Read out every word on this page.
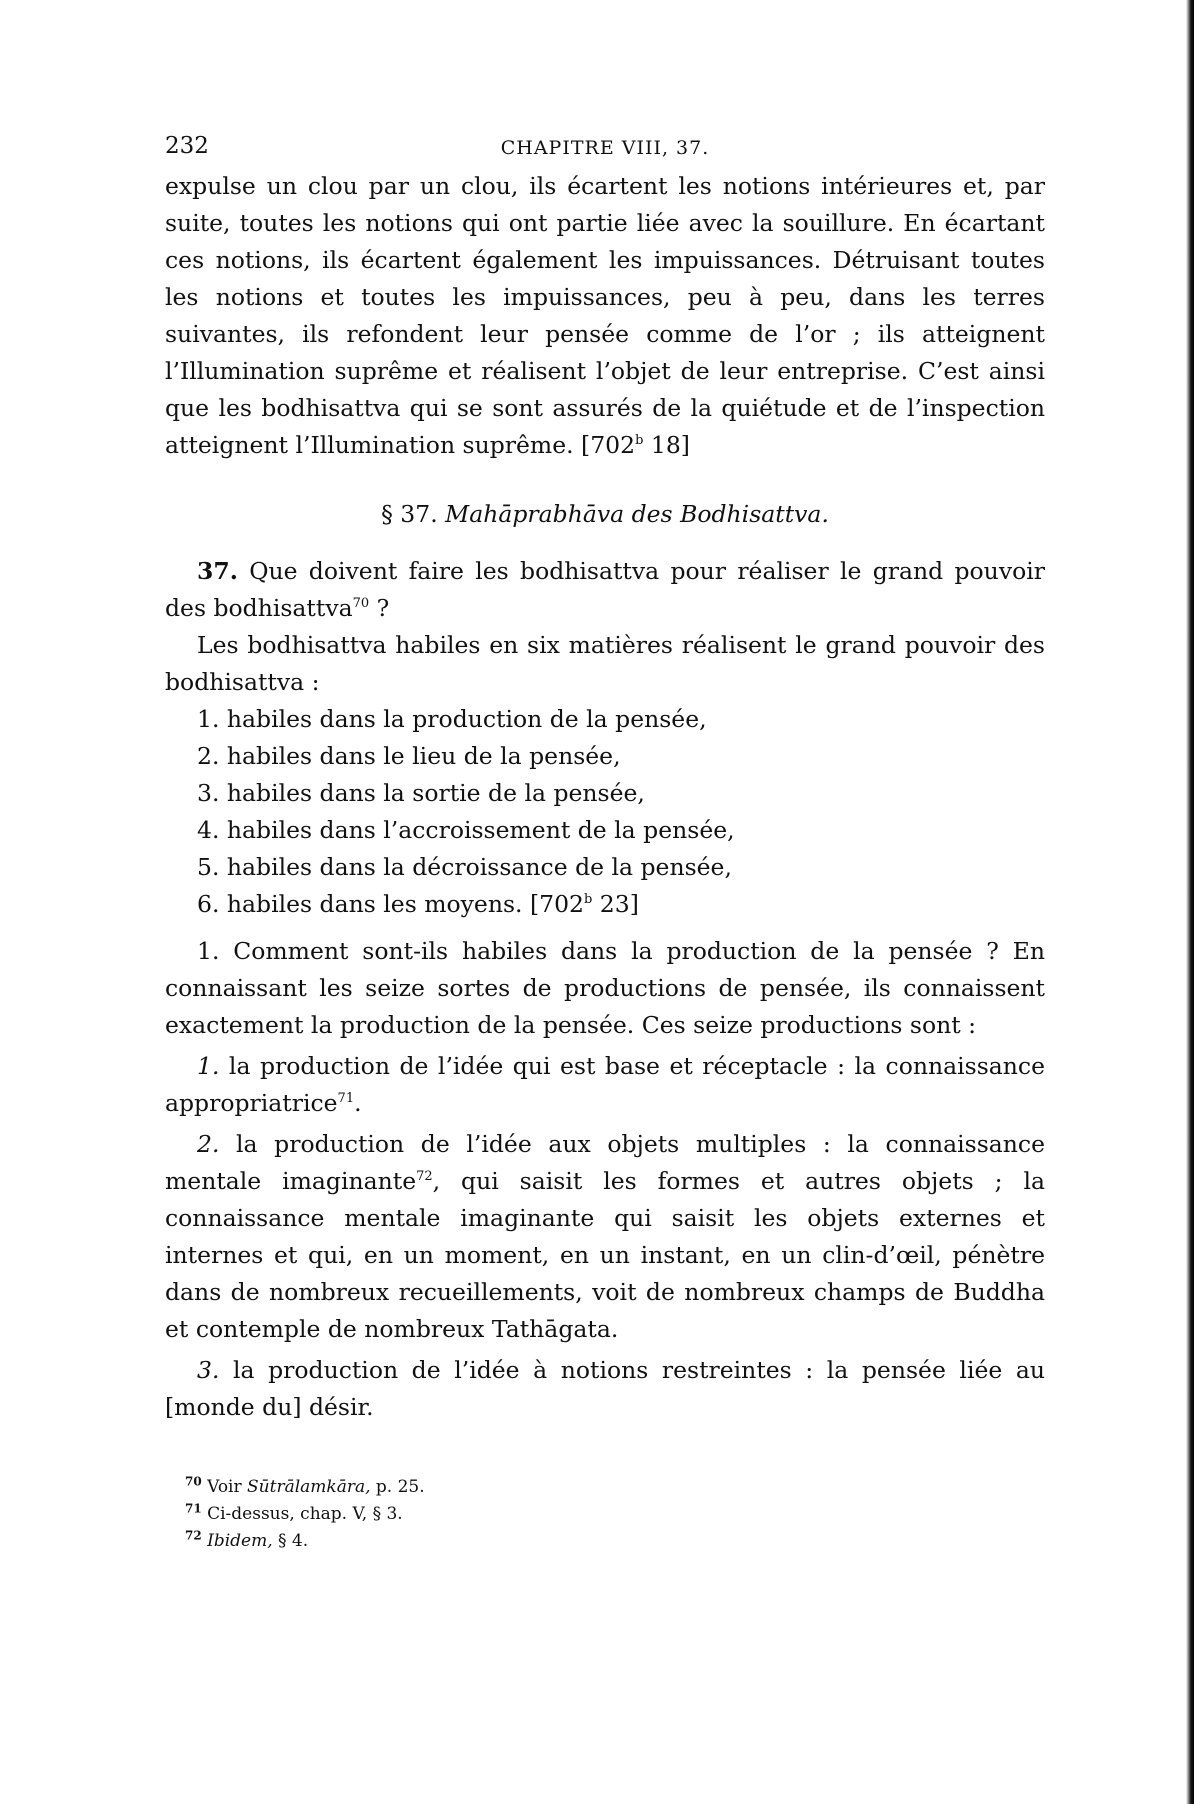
232	CHAPITRE VIII, 37.

expulse un clou par un clou, ils écartent les notions intérieures et, par suite, toutes les notions qui ont partie liée avec la souillure. En écartant ces notions, ils écartent également les impuissances. Détruisant toutes les notions et toutes les impuissances, peu à peu, dans les terres suivantes, ils refondent leur pensée comme de l’or ; ils atteignent l’Illumination suprême et réalisent l’objet de leur entreprise. C’est ainsi que les bodhisattva qui se sont assurés de la quiétude et de l’inspection atteignent l’Illumination suprême. [702$^b$ 18]

§ 37. Mahāprabhāva des Bodhisattva.

37. Que doivent faire les bodhisattva pour réaliser le grand pouvoir des bodhisattva$^{70}$ ?

Les bodhisattva habiles en six matières réalisent le grand pouvoir des bodhisattva :

1. habiles dans la production de la pensée,
2. habiles dans le lieu de la pensée,
3. habiles dans la sortie de la pensée,
4. habiles dans l’accroissement de la pensée,
5. habiles dans la décroissance de la pensée,
6. habiles dans les moyens. [702$^b$ 23]

1. Comment sont-ils habiles dans la production de la pensée ? En connaissant les seize sortes de productions de pensée, ils connaissent exactement la production de la pensée. Ces seize productions sont :

1. la production de l’idée qui est base et réceptacle : la connaissance appropriatrice$^{71}$.

2. la production de l’idée aux objets multiples : la connaissance mentale imaginante$^{72}$, qui saisit les formes et autres objets ; la connaissance mentale imaginante qui saisit les objets externes et internes et qui, en un moment, en un instant, en un clin-d’œil, pénètre dans de nombreux recueillements, voit de nombreux champs de Buddha et contemple de nombreux Tathāgata.

3. la production de l’idée à notions restreintes : la pensée liée au [monde du] désir.

$^{70}$ Voir Sūtrālamkāra, p. 25.
$^{71}$ Ci-dessus, chap. V, § 3.
$^{72}$ Ibidem, § 4.
